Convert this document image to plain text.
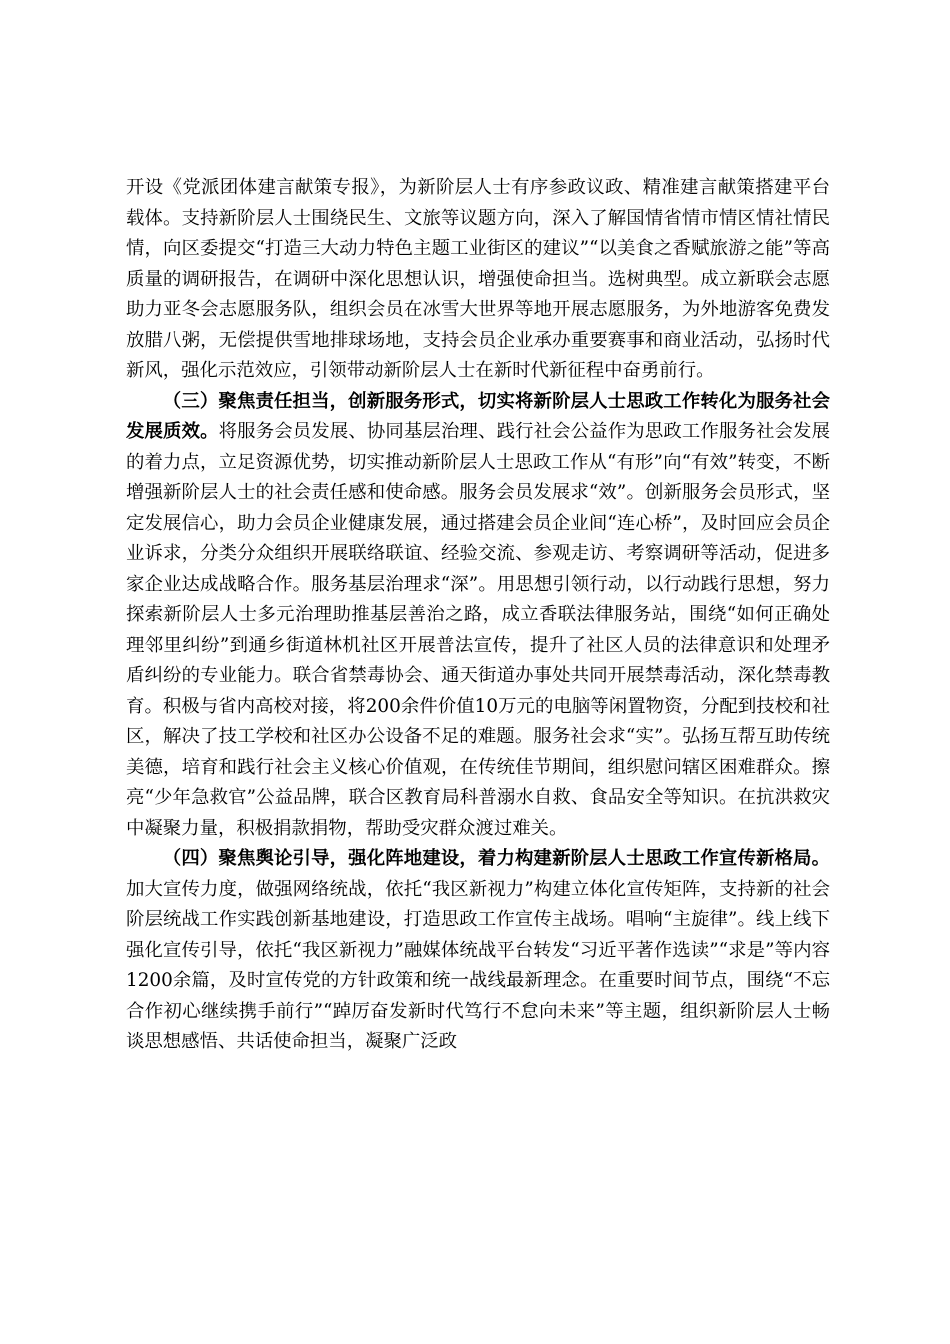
开设《党派团体建言献策专报》，为新阶层人士有序参政议政、精准建言献策搭建平台载体。支持新阶层人士围绕民生、文旅等议题方向，深入了解国情省情市情区情社情民情，向区委提交“打造三大动力特色主题工业街区的建议”“以美食之香赋旅游之能”等高质量的调研报告，在调研中深化思想认识，增强使命担当。选树典型。成立新联会志愿助力亚冬会志愿服务队，组织会员在冰雪大世界等地开展志愿服务，为外地游客免费发放腊八粥，无偿提供雪地排球场地，支持会员企业承办重要赛事和商业活动，弘扬时代新风，强化示范效应，引领带动新阶层人士在新时代新征程中奋勇前行。

（三）聚焦责任担当，创新服务形式，切实将新阶层人士思政工作转化为服务社会发展质效。将服务会员发展、协同基层治理、践行社会公益作为思政工作服务社会发展的着力点，立足资源优势，切实推动新阶层人士思政工作从“有形”向“有效”转变，不断增强新阶层人士的社会责任感和使命感。服务会员发展求“效”。创新服务会员形式，坚定发展信心，助力会员企业健康发展，通过搭建会员企业间“连心桥”，及时回应会员企业诉求，分类分众组织开展联络联谊、经验交流、参观走访、考察调研等活动，促进多家企业达成战略合作。服务基层治理求“深”。用思想引领行动，以行动践行思想，努力探索新阶层人士多元治理助推基层善治之路，成立香联法律服务站，围绕“如何正确处理邻里纠纷”到通乡街道林机社区开展普法宣传，提升了社区人员的法律意识和处理矛盾纠纷的专业能力。联合省禁毒协会、通天街道办事处共同开展禁毒活动，深化禁毒教育。积极与省内高校对接，将200余件价值10万元的电脑等闲置物资，分配到技校和社区，解决了技工学校和社区办公设备不足的难题。服务社会求“实”。弘扬互帮互助传统美德，培育和践行社会主义核心价值观，在传统佳节期间，组织慰问辖区困难群众。擦亮“少年急救官”公益品牌，联合区教育局科普溺水自救、食品安全等知识。在抗洪救灾中凝聚力量，积极捐款捐物，帮助受灾群众渡过难关。

（四）聚焦舆论引导，强化阵地建设，着力构建新阶层人士思政工作宣传新格局。加大宣传力度，做强网络统战，依托“我区新视力”构建立体化宣传矩阵，支持新的社会阶层统战工作实践创新基地建设，打造思政工作宣传主战场。唱响“主旋律”。线上线下强化宣传引导，依托“我区新视力”融媒体统战平台转发“习近平著作选读”“求是”等内容1200余篇，及时宣传党的方针政策和统一战线最新理念。在重要时间节点，围绕“不忘合作初心继续携手前行”“踔厉奋发新时代笃行不怠向未来”等主题，组织新阶层人士畅谈思想感悟、共话使命担当，凝聚广泛政
